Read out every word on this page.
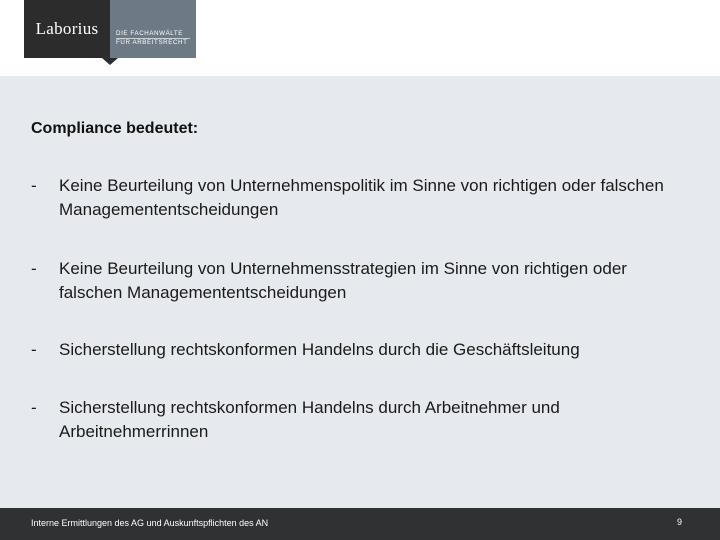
Laborius	DIE FACHANWÄLTE
FÜR ARBEITSRECHT
Compliance bedeutet:
- Keine Beurteilung von Unternehmenspolitik im Sinne von richtigen oder falschen Managemententscheidungen
- Keine Beurteilung von Unternehmensstrategien im Sinne von richtigen oder falschen Managemententscheidungen
- Sicherstellung rechtskonformen Handelns durch die Geschäftsleitung
- Sicherstellung rechtskonformen Handelns durch Arbeitnehmer und Arbeitnehmerrinnen
Interne Ermittlungen des AG und Auskunftspflichten des AN	9
